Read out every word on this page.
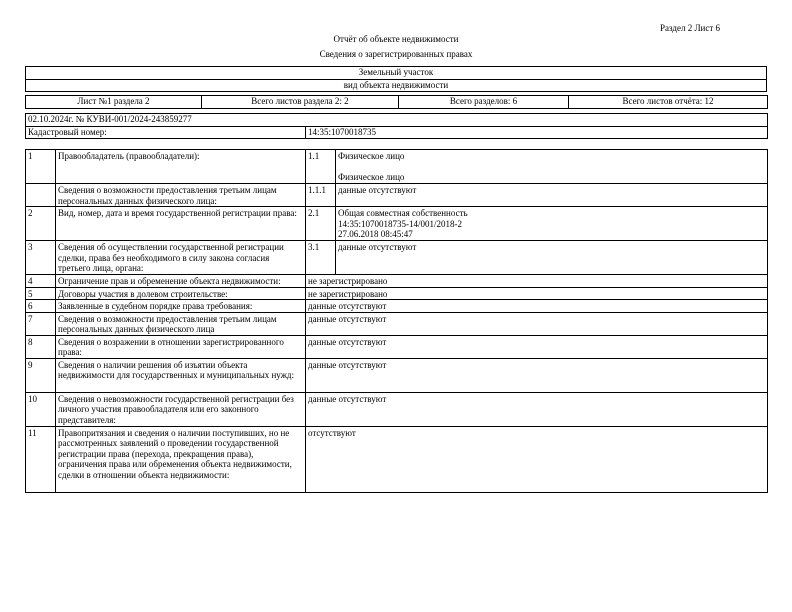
Раздел 2 Лист 6
Отчёт об объекте недвижимости
Сведения о зарегистрированных правах
Земельный участок
вид объекта недвижимости
Лист №1 раздела 2	Всего листов раздела 2: 2	Всего разделов: 6	Всего листов отчёта: 12
02.10.2024г. № КУВИ-001/2024-243859277
Кадастровый номер:	14:35:1070018735
1	Правообладатель (правообладатели):	1.1	Физическое лицо
Физическое лицо

	Сведения о возможности предоставления третьим лицам персональных данных физического лица:	1.1.1	данные отсутствуют
2	Вид, номер, дата и время государственной регистрации права:	2.1	Общая совместная собственность
14:35:1070018735-14/001/2018-2
27.06.2018 08:45:47

3	Сведения об осуществлении государственной регистрации сделки, права без необходимого в силу закона согласия третьего лица, органа:	3.1	данные отсутствуют
4	Ограничение прав и обременение объекта недвижимости:	не зарегистрировано	
5	Договоры участия в долевом строительстве:	не зарегистрировано	
6	Заявленные в судебном порядке права требования:	данные отсутствуют	
7	Сведения о возможности предоставления третьим лицам персональных данных физического лица	данные отсутствуют	
8	Сведения о возражении в отношении зарегистрированного права:	данные отсутствуют	
9	Сведения о наличии решения об изъятии объекта недвижимости для государственных и муниципальных нужд:	данные отсутствуют	
10	Сведения о невозможности государственной регистрации без личного участия правообладателя или его законного представителя:	данные отсутствуют	
11	Правопритязания и сведения о наличии поступивших, но не рассмотренных заявлений о проведении государственной регистрации права (перехода, прекращения права), ограничения права или обременения объекта недвижимости, сделки в отношении объекта недвижимости:	отсутствуют	
